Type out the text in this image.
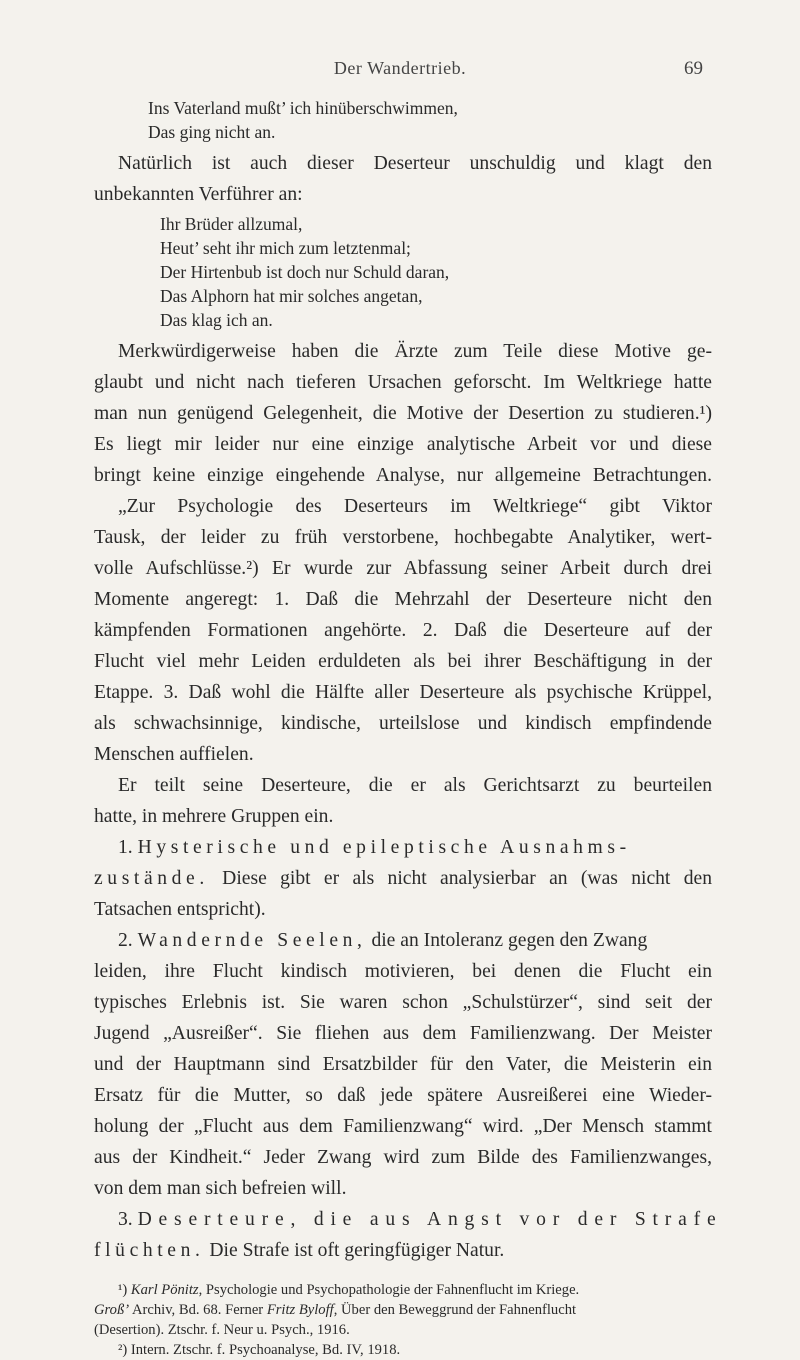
Der Wandertrieb.	69
Ins Vaterland mußt’ ich hinüberschwimmen,
Das ging nicht an.
Natürlich ist auch dieser Deserteur unschuldig und klagt den
unbekannten Verführer an:
Ihr Brüder allzumal,
Heut’ seht ihr mich zum letztenmal;
Der Hirtenbub ist doch nur Schuld daran,
Das Alphorn hat mir solches angetan,
Das klag ich an.
Merkwürdigerweise haben die Ärzte zum Teile diese Motive ge-
glaubt und nicht nach tieferen Ursachen geforscht. Im Weltkriege hatte
man nun genügend Gelegenheit, die Motive der Desertion zu studieren.¹)
Es liegt mir leider nur eine einzige analytische Arbeit vor und diese
bringt keine einzige eingehende Analyse, nur allgemeine Betrachtungen.
„Zur Psychologie des Deserteurs im Weltkriege“ gibt Viktor
Tausk, der leider zu früh verstorbene, hochbegabte Analytiker, wert-
volle Aufschlüsse.²) Er wurde zur Abfassung seiner Arbeit durch drei
Momente angeregt: 1. Daß die Mehrzahl der Deserteure nicht den
kämpfenden Formationen angehörte. 2. Daß die Deserteure auf der
Flucht viel mehr Leiden erduldeten als bei ihrer Beschäftigung in der
Etappe. 3. Daß wohl die Hälfte aller Deserteure als psychische Krüppel,
als schwachsinnige, kindische, urteilslose und kindisch empfindende
Menschen auffielen.
Er teilt seine Deserteure, die er als Gerichtsarzt zu beurteilen
hatte, in mehrere Gruppen ein.
1. Hysterische und epileptische Ausnahms-
zustände. Diese gibt er als nicht analysierbar an (was nicht den
Tatsachen entspricht).
2. Wandernde Seelen, die an Intoleranz gegen den Zwang
leiden, ihre Flucht kindisch motivieren, bei denen die Flucht ein
typisches Erlebnis ist. Sie waren schon „Schulstürzer“, sind seit der
Jugend „Ausreißer“. Sie fliehen aus dem Familienzwang. Der Meister
und der Hauptmann sind Ersatzbilder für den Vater, die Meisterin ein
Ersatz für die Mutter, so daß jede spätere Ausreißerei eine Wieder-
holung der „Flucht aus dem Familienzwang“ wird. „Der Mensch stammt
aus der Kindheit.“ Jeder Zwang wird zum Bilde des Familienzwanges,
von dem man sich befreien will.
3. Deserteure, die aus Angst vor der Strafe
flüchten. Die Strafe ist oft geringfügiger Natur.
¹) Karl Pönitz, Psychologie und Psychopathologie der Fahnenflucht im Kriege.
Groß’ Archiv, Bd. 68. Ferner Fritz Byloff, Über den Beweggrund der Fahnenflucht
(Desertion). Ztschr. f. Neur u. Psych., 1916.
²) Intern. Ztschr. f. Psychoanalyse, Bd. IV, 1918.
